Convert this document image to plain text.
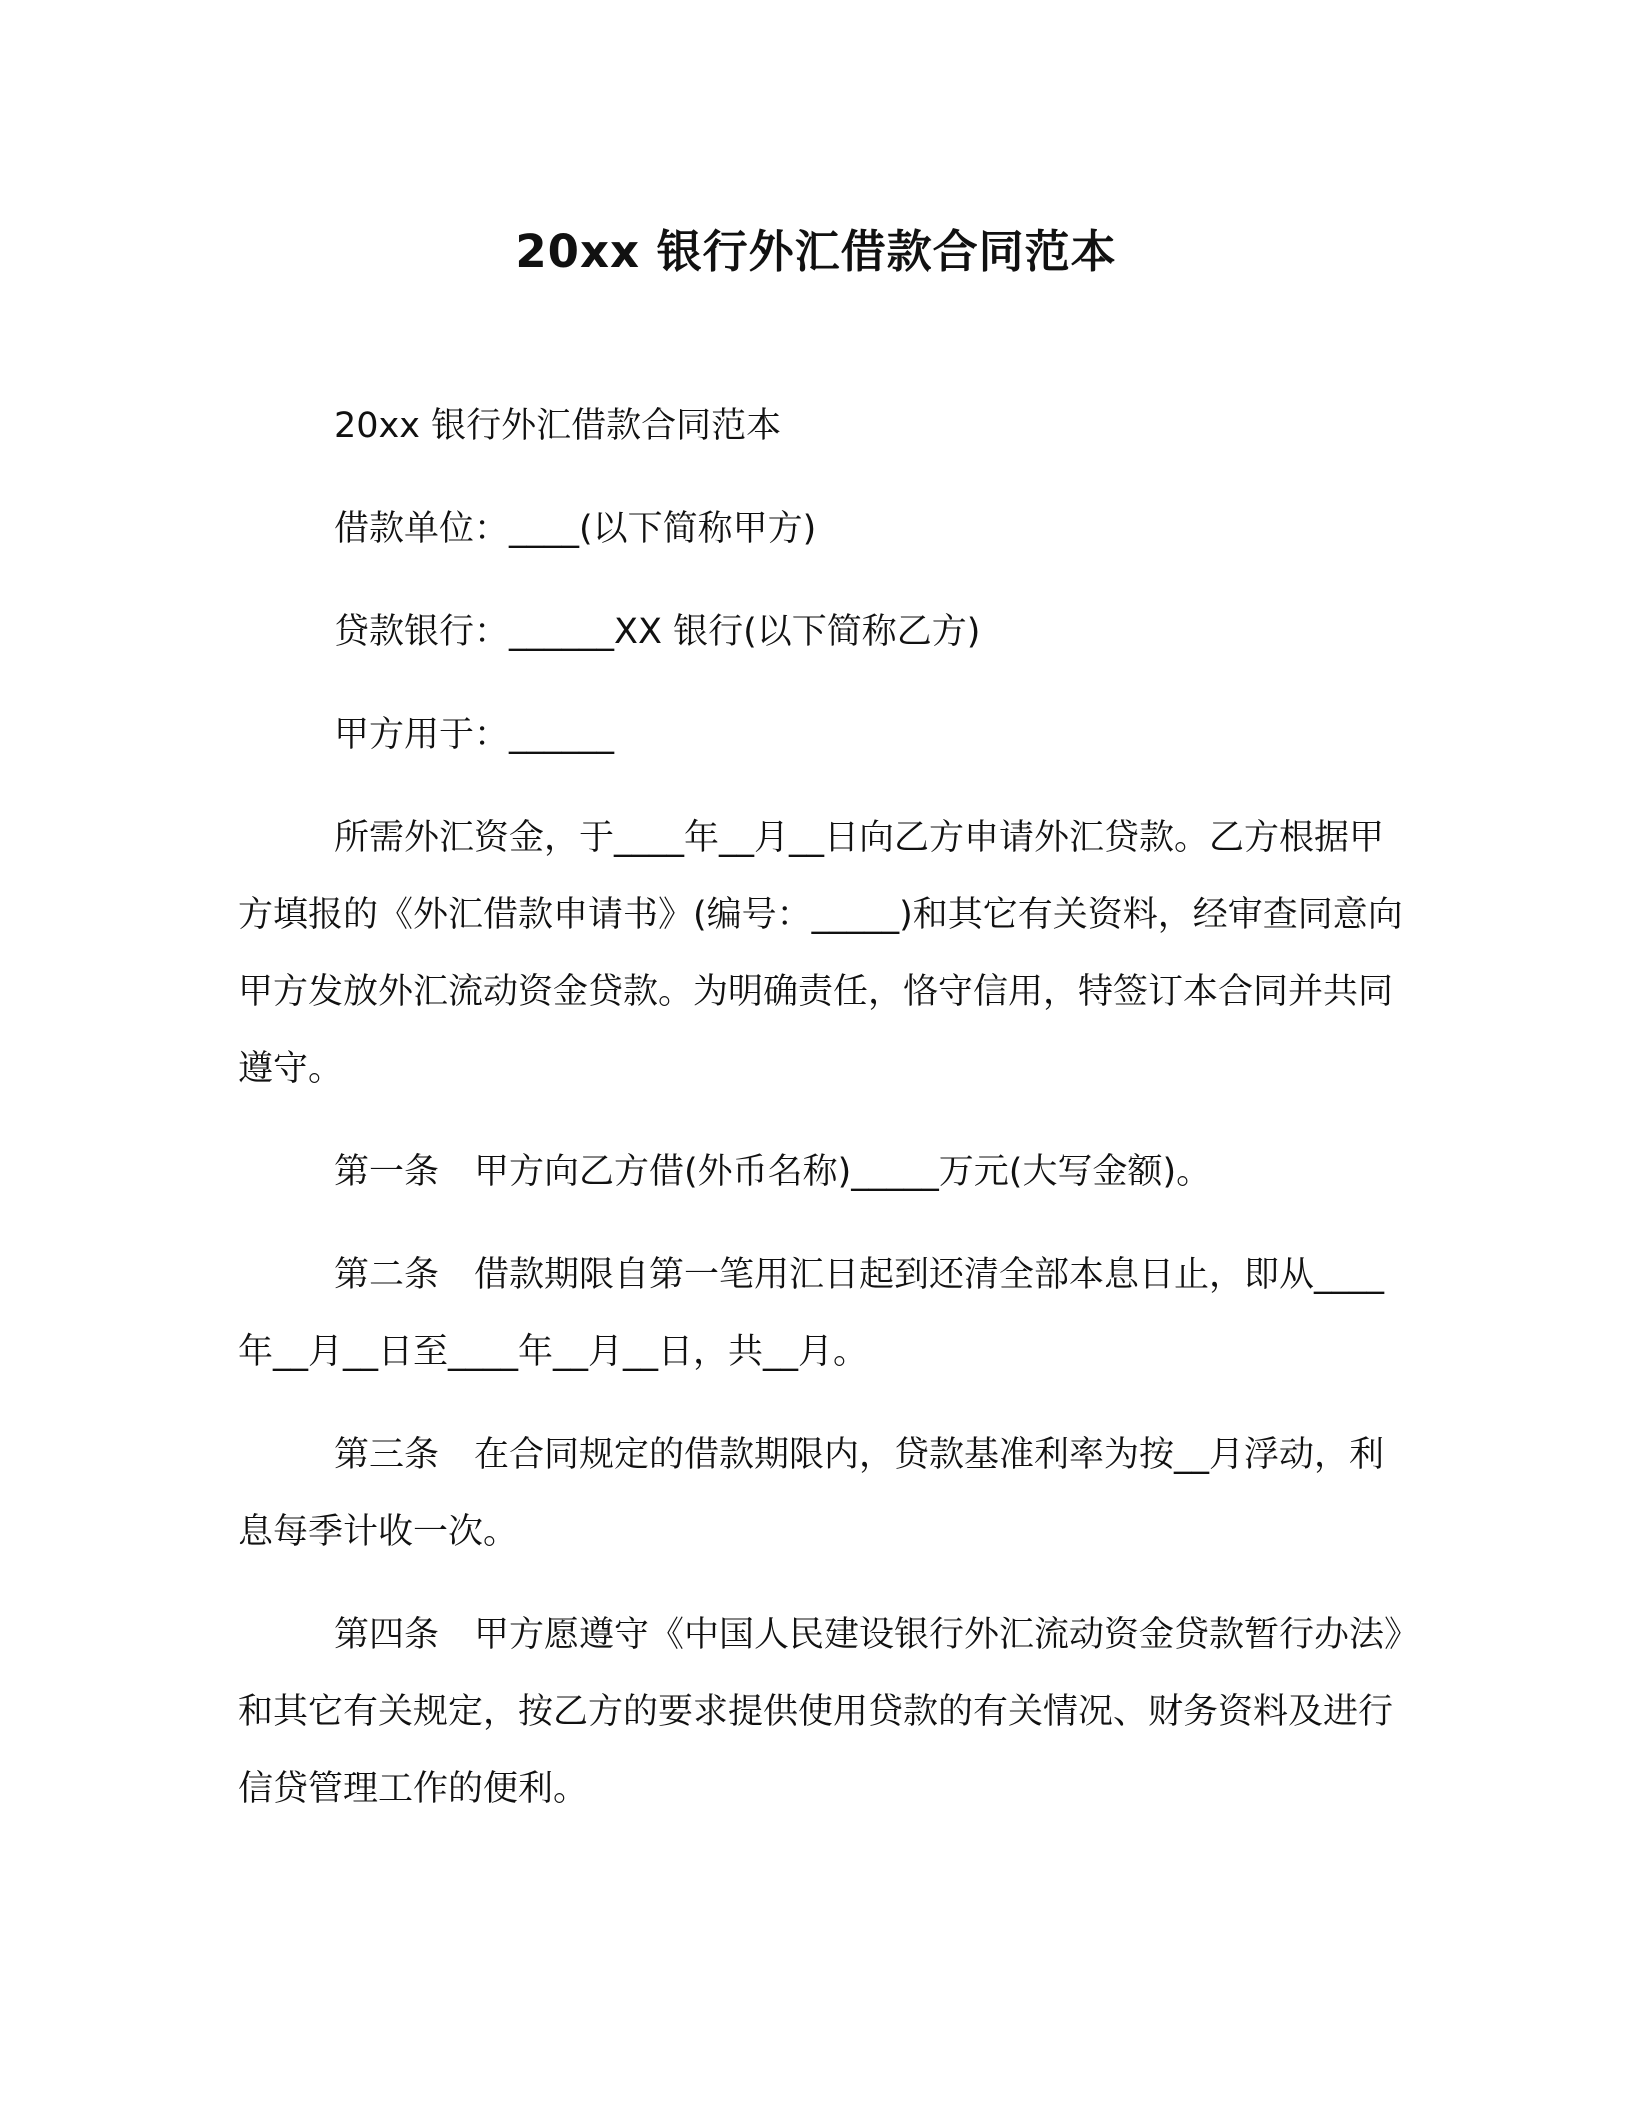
20xx 银行外汇借款合同范本

20xx 银行外汇借款合同范本

借款单位：____(以下简称甲方)

贷款银行：______XX 银行(以下简称乙方)

甲方用于：______

所需外汇资金，于____年__月__日向乙方申请外汇贷款。乙方根据甲方填报的《外汇借款申请书》(编号：_____)和其它有关资料，经审查同意向甲方发放外汇流动资金贷款。为明确责任，恪守信用，特签订本合同并共同遵守。

第一条　甲方向乙方借(外币名称)_____万元(大写金额)。

第二条　借款期限自第一笔用汇日起到还清全部本息日止，即从____年__月__日至____年__月__日，共__月。

第三条　在合同规定的借款期限内，贷款基准利率为按__月浮动，利息每季计收一次。

第四条　甲方愿遵守《中国人民建设银行外汇流动资金贷款暂行办法》和其它有关规定，按乙方的要求提供使用贷款的有关情况、财务资料及进行信贷管理工作的便利。
